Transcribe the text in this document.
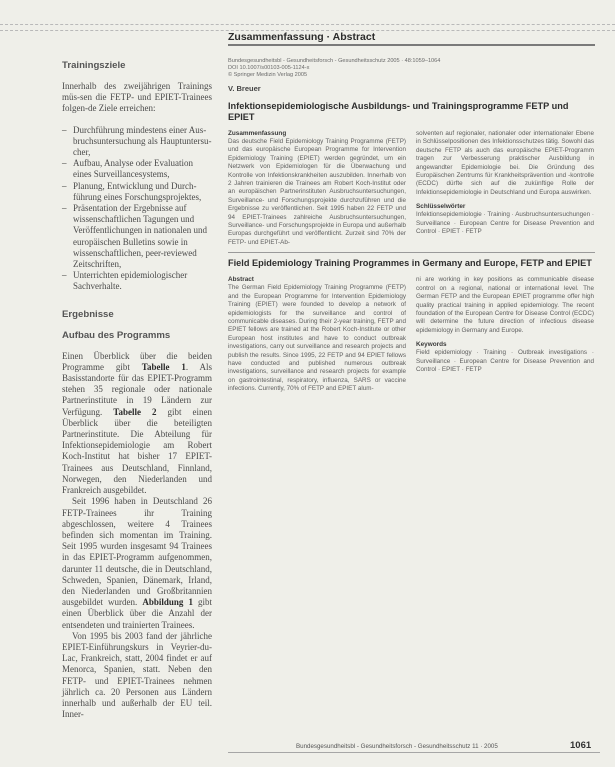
Zusammenfassung · Abstract
Trainingsziele

Innerhalb des zweijährigen Trainings müs-sen die FETP- und EPIET-Trainees folgen-de Ziele erreichen:

– Durchführung mindestens einer Aus-bruchsuntersuchung als Hauptuntersu-cher,
– Aufbau, Analyse oder Evaluation eines Surveillancesystems,
– Planung, Entwicklung und Durch-führung eines Forschungsprojektes,
– Präsentation der Ergebnisse auf wissenschaftlichen Tagungen und Veröffentlichungen in nationalen und europäischen Bulletins sowie in wissenschaftlichen, peer-reviewed Zeitschriften,
– Unterrichten epidemiologischer Sachverhalte.
Ergebnisse
Aufbau des Programms

Einen Überblick über die beiden Programme gibt Tabelle 1. Als Basisstandorte für das EPIET-Programm stehen 35 regionale oder nationale Partnerinstitute in 19 Ländern zur Verfügung. Tabelle 2 gibt einen Überblick über die beteiligten Partnerinstitute. Die Abteilung für Infektionsepidemiologie am Robert Koch-Institut hat bisher 17 EPIET-Trainees aus Deutschland, Finnland, Norwegen, den Niederlanden und Frankreich ausgebildet.

Seit 1996 haben in Deutschland 26 FETP-Trainees ihr Training abgeschlossen, weitere 4 Trainees befinden sich momentan im Training. Seit 1995 wurden insgesamt 94 Trainees in das EPIET-Programm aufgenommen, darunter 11 deutsche, die in Deutschland, Schweden, Spanien, Dänemark, Irland, den Niederlanden und Großbritannien ausgebildet wurden. Abbildung 1 gibt einen Überblick über die Anzahl der entsendeten und trainierten Trainees.

Von 1995 bis 2003 fand der jährliche EPIET-Einführungskurs in Veyrier-du-Lac, Frankreich, statt, 2004 findet er auf Menorca, Spanien, statt. Neben den FETP- und EPIET-Trainees nehmen jährlich ca. 20 Personen aus Ländern innerhalb und außerhalb der EU teil. Inner-

Bundesgesundheitsbl - Gesundheitsforsch - Gesundheitsschutz 2005 · 48:1059–1064
DOI 10.1007/s00103-005-1124-x
© Springer Medizin Verlag 2005
V. Breuer
Infektionsepidemiologische Ausbildungs- und Trainingsprogramme FETP und EPIET
Zusammenfassung

Das deutsche Field Epidemiology Training Programme (FETP) und das europäische European Programme for Intervention Epidemiology Training (EPIET) werden gegründet, um ein Netzwerk von Epidemiologen für die Überwachung und Kontrolle von Infektionskrankheiten auszubilden. Innerhalb von 2 Jahren trainieren die Trainees am Robert Koch-Institut oder an europäischen Partnerinstituten Ausbruchsuntersuchungen, Surveillance- und Forschungsprojekte durchzuführen und die Ergebnisse zu veröffentlichen. Seit 1995 haben 22 FETP und 94 EPIET-Trainees zahlreiche Ausbruchsuntersuchungen, Surveillance- und Forschungsprojekte in Europa und außerhalb Europas durchgeführt und veröffentlicht. Zurzeit sind 70% der FETP- und EPIET-Ab-

solventen auf regionaler, nationaler oder internationaler Ebene in Schlüsselpositionen des Infektionsschutzes tätig. Sowohl das deutsche FETP als auch das europäische EPIET-Programm tragen zur Verbesserung praktischer Ausbildung in angewandter Epidemiologie bei. Die Gründung des Europäischen Zentrums für Krankheitsprävention und -kontrolle (ECDC) dürfte sich auf die zukünftige Rolle der Infektionsepidemiologie in Deutschland und Europa auswirken.

Schlüsselwörter

Infektionsepidemiologie · Training · Ausbruchsuntersuchungen · Surveillance · European Centre for Disease Prevention and Control · EPIET · FETP

Field Epidemiology Training Programmes in Germany and Europe, FETP and EPIET
Abstract

The German Field Epidemiology Training Programme (FETP) and the European Programme for Intervention Epidemiology Training (EPIET) were founded to develop a network of epidemiologists for the surveillance and control of communicable diseases. During their 2-year training, FETP and EPIET fellows are trained at the Robert Koch-Institute or other European host institutes and have to conduct outbreak investigations, carry out surveillance and research projects and publish the results. Since 1995, 22 FETP and 94 EPIET fellows have conducted and published numerous outbreak investigations, surveillance and research projects for example on gastrointestinal, respiratory, influenza, SARS or vaccine infections. Currently, 70% of FETP and EPIET alum-

ni are working in key positions as communicable disease control on a regional, national or international level. The German FETP and the European EPIET programme offer high quality practical training in applied epidemiology. The recent foundation of the European Centre for Disease Control (ECDC) will determine the future direction of infectious disease epidemiology in Germany and Europe.

Keywords

Field epidemiology · Training · Outbreak investigations · Surveillance · European Centre for Disease Prevention and Control · EPIET · FETP

Bundesgesundheitsbl - Gesundheitsforsch - Gesundheitsschutz 11 · 2005	1061
